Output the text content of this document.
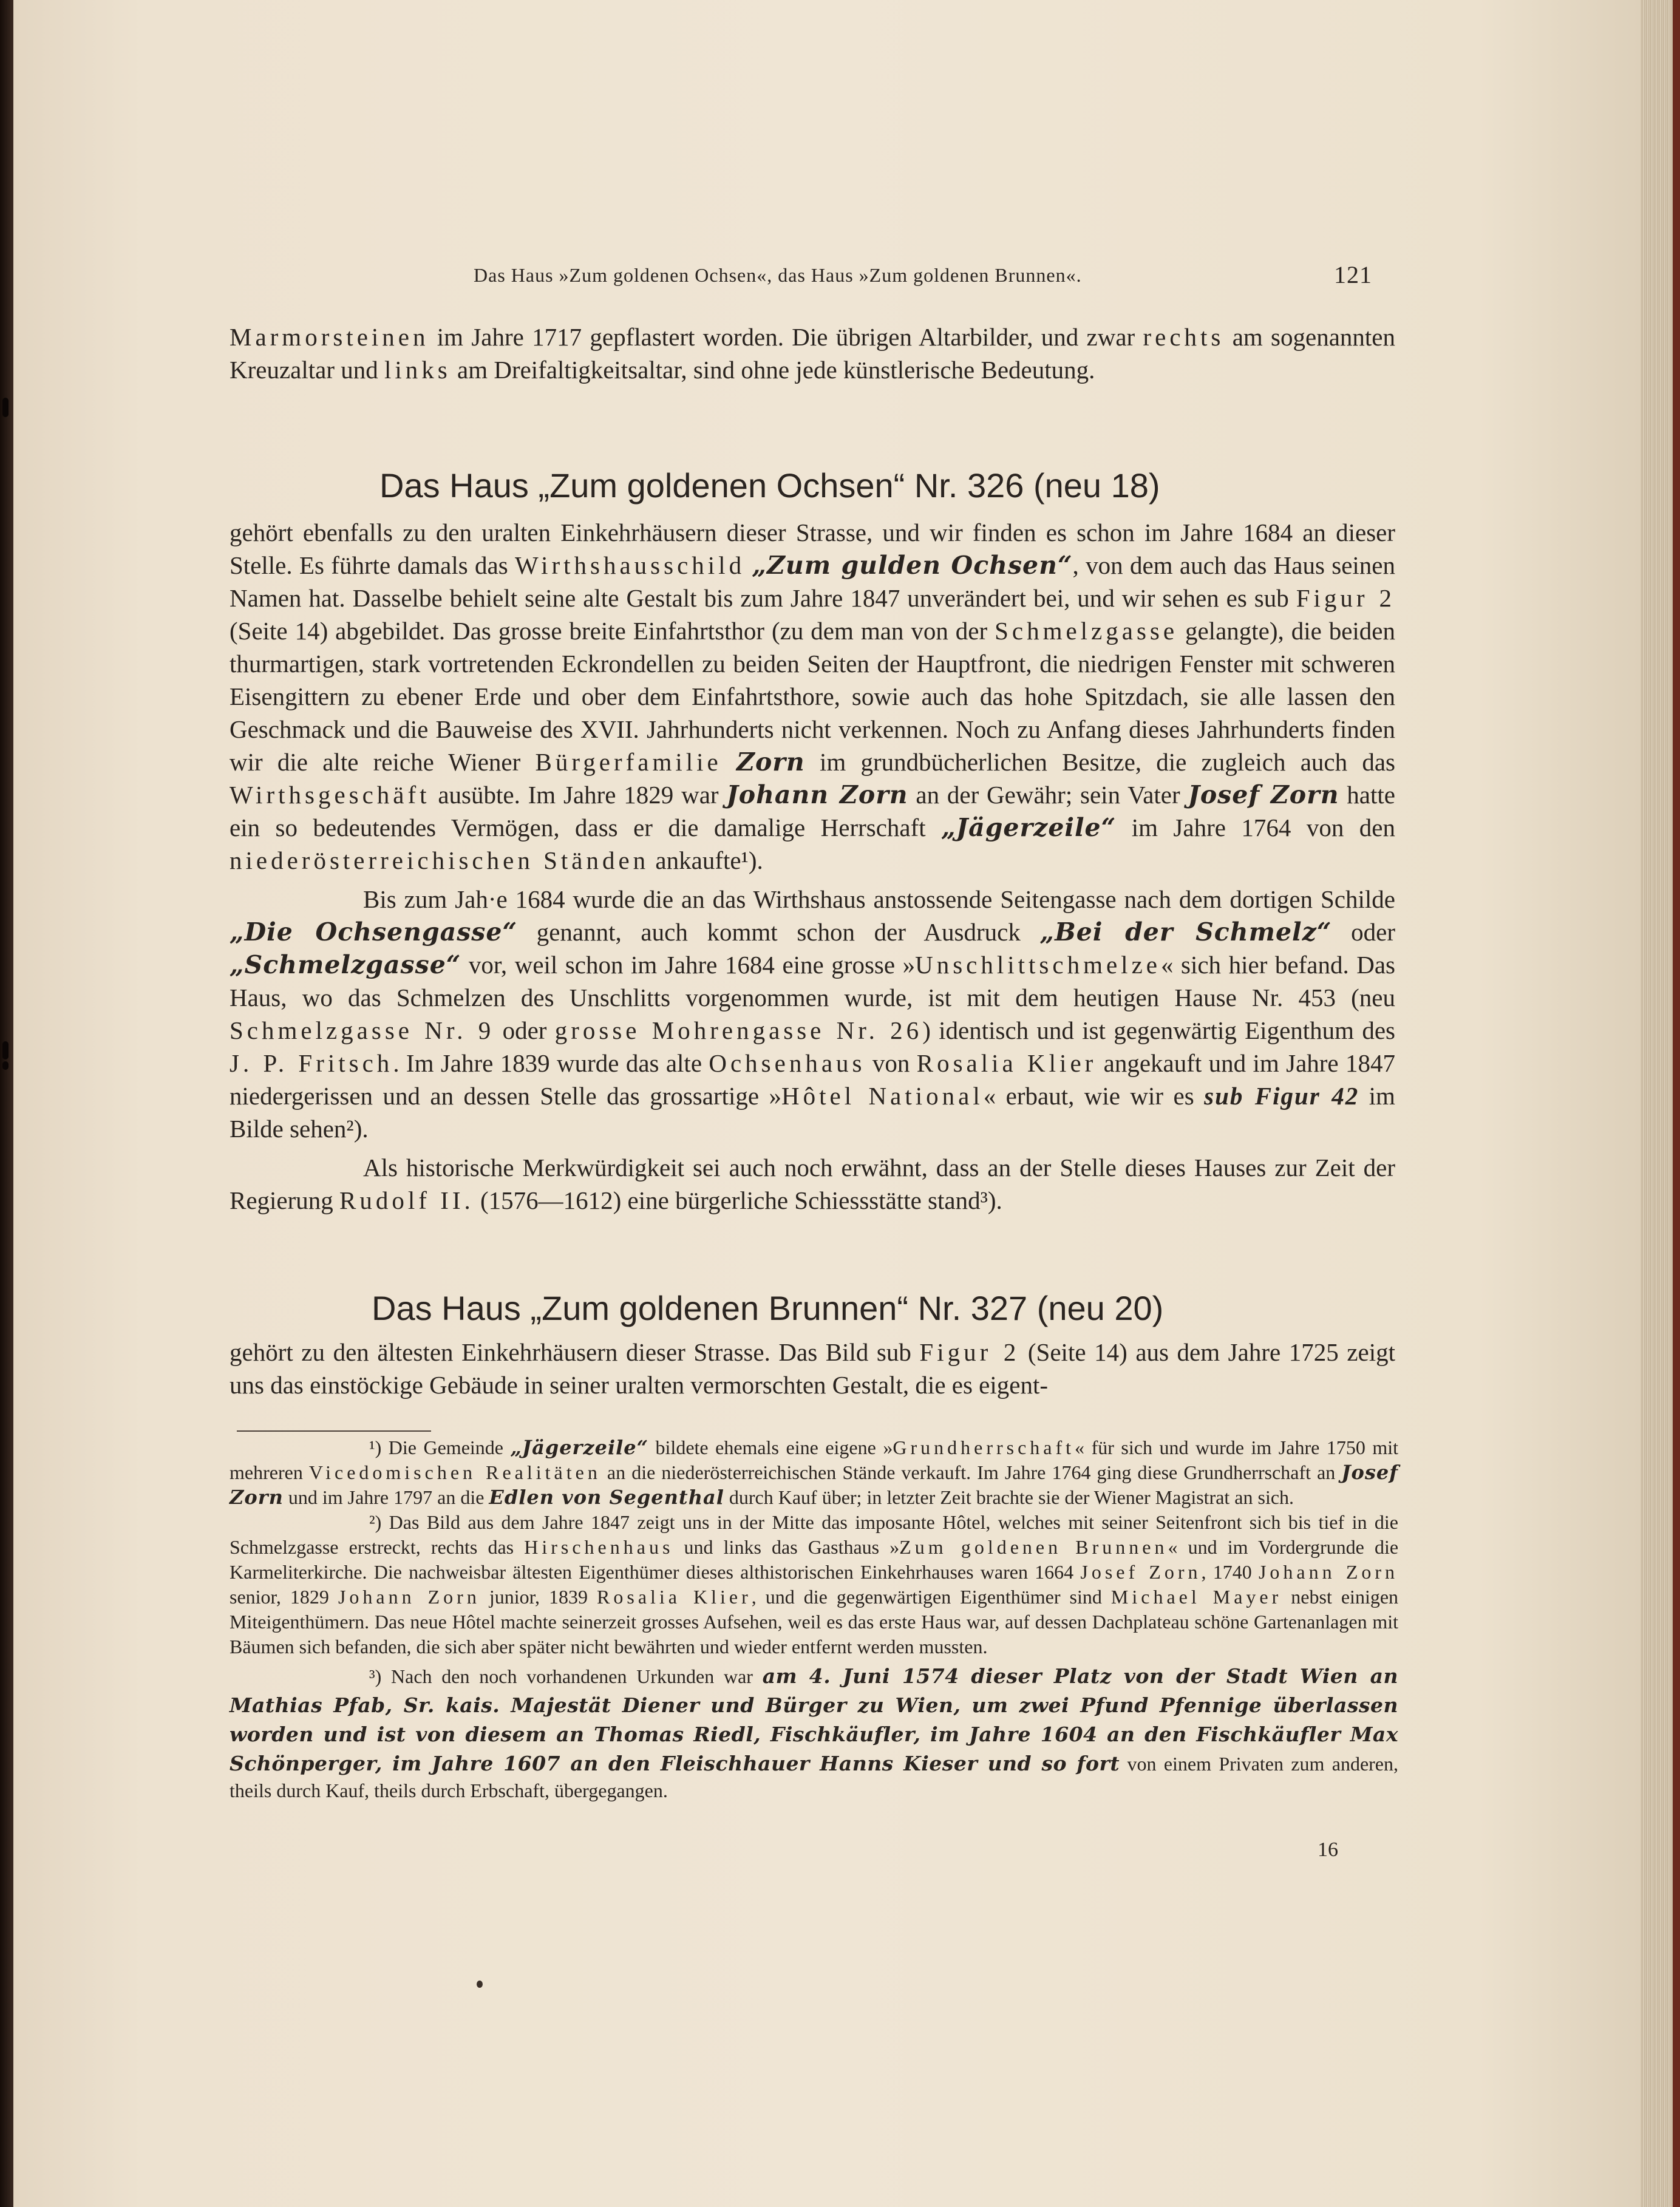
Das Haus »Zum goldenen Ochsen«, das Haus »Zum goldenen Brunnen«.	121

Marmorsteinen im Jahre 1717 gepflastert worden. Die übrigen Altarbilder, und zwar rechts am sogenannten Kreuzaltar und links am Dreifaltigkeitsaltar, sind ohne jede künstlerische Bedeutung.

Das Haus „Zum goldenen Ochsen“ Nr. 326 (neu 18)

gehört ebenfalls zu den uralten Einkehrhäusern dieser Strasse, und wir finden es schon im Jahre 1684 an dieser Stelle. Es führte damals das Wirthshausschild „Zum gulden Ochsen“, von dem auch das Haus seinen Namen hat. Dasselbe behielt seine alte Gestalt bis zum Jahre 1847 unverändert bei, und wir sehen es sub Figur 2 (Seite 14) abgebildet. Das grosse breite Einfahrtsthor (zu dem man von der Schmelzgasse gelangte), die beiden thurmartigen, stark vortretenden Eckrondellen zu beiden Seiten der Hauptfront, die niedrigen Fenster mit schweren Eisengittern zu ebener Erde und ober dem Einfahrtsthore, sowie auch das hohe Spitzdach, sie alle lassen den Geschmack und die Bauweise des XVII. Jahrhunderts nicht verkennen. Noch zu Anfang dieses Jahrhunderts finden wir die alte reiche Wiener Bürgerfamilie Zorn im grundbücherlichen Besitze, die zugleich auch das Wirthsgeschäft ausübte. Im Jahre 1829 war Johann Zorn an der Gewähr; sein Vater Josef Zorn hatte ein so bedeutendes Vermögen, dass er die damalige Herrschaft „Jägerzeile“ im Jahre 1764 von den niederösterreichischen Ständen ankaufte¹).

Bis zum Jah·e 1684 wurde die an das Wirthshaus anstossende Seitengasse nach dem dortigen Schilde „Die Ochsengasse“ genannt, auch kommt schon der Ausdruck „Bei der Schmelz“ oder „Schmelzgasse“ vor, weil schon im Jahre 1684 eine grosse »Unschlittschmelze« sich hier befand. Das Haus, wo das Schmelzen des Unschlitts vorgenommen wurde, ist mit dem heutigen Hause Nr. 453 (neu Schmelzgasse Nr. 9 oder grosse Mohrengasse Nr. 26) identisch und ist gegenwärtig Eigenthum des J. P. Fritsch. Im Jahre 1839 wurde das alte Ochsenhaus von Rosalia Klier angekauft und im Jahre 1847 niedergerissen und an dessen Stelle das grossartige »Hôtel National« erbaut, wie wir es sub Figur 42 im Bilde sehen²).

Als historische Merkwürdigkeit sei auch noch erwähnt, dass an der Stelle dieses Hauses zur Zeit der Regierung Rudolf II. (1576—1612) eine bürgerliche Schiessstätte stand³).

Das Haus „Zum goldenen Brunnen“ Nr. 327 (neu 20)

gehört zu den ältesten Einkehrhäusern dieser Strasse. Das Bild sub Figur 2 (Seite 14) aus dem Jahre 1725 zeigt uns das einstöckige Gebäude in seiner uralten vermorschten Gestalt, die es eigent-

¹) Die Gemeinde „Jägerzeile“ bildete ehemals eine eigene »Grundherrschaft« für sich und wurde im Jahre 1750 mit mehreren Vicedomischen Realitäten an die niederösterreichischen Stände verkauft. Im Jahre 1764 ging diese Grundherrschaft an Josef Zorn und im Jahre 1797 an die Edlen von Segenthal durch Kauf über; in letzter Zeit brachte sie der Wiener Magistrat an sich.

²) Das Bild aus dem Jahre 1847 zeigt uns in der Mitte das imposante Hôtel, welches mit seiner Seitenfront sich bis tief in die Schmelzgasse erstreckt, rechts das Hirschenhaus und links das Gasthaus »Zum goldenen Brunnen« und im Vordergrunde die Karmeliterkirche. Die nachweisbar ältesten Eigenthümer dieses althistorischen Einkehrhauses waren 1664 Josef Zorn, 1740 Johann Zorn senior, 1829 Johann Zorn junior, 1839 Rosalia Klier, und die gegenwärtigen Eigenthümer sind Michael Mayer nebst einigen Miteigenthümern. Das neue Hôtel machte seinerzeit grosses Aufsehen, weil es das erste Haus war, auf dessen Dachplateau schöne Gartenanlagen mit Bäumen sich befanden, die sich aber später nicht bewährten und wieder entfernt werden mussten.

³) Nach den noch vorhandenen Urkunden war am 4. Juni 1574 dieser Platz von der Stadt Wien an Mathias Pfab, Sr. kais. Majestät Diener und Bürger zu Wien, um zwei Pfund Pfennige überlassen worden und ist von diesem an Thomas Riedl, Fischkäufler, im Jahre 1604 an den Fischkäufler Max Schönperger, im Jahre 1607 an den Fleischhauer Hanns Kieser und so fort von einem Privaten zum anderen, theils durch Kauf, theils durch Erbschaft, übergegangen.

16
